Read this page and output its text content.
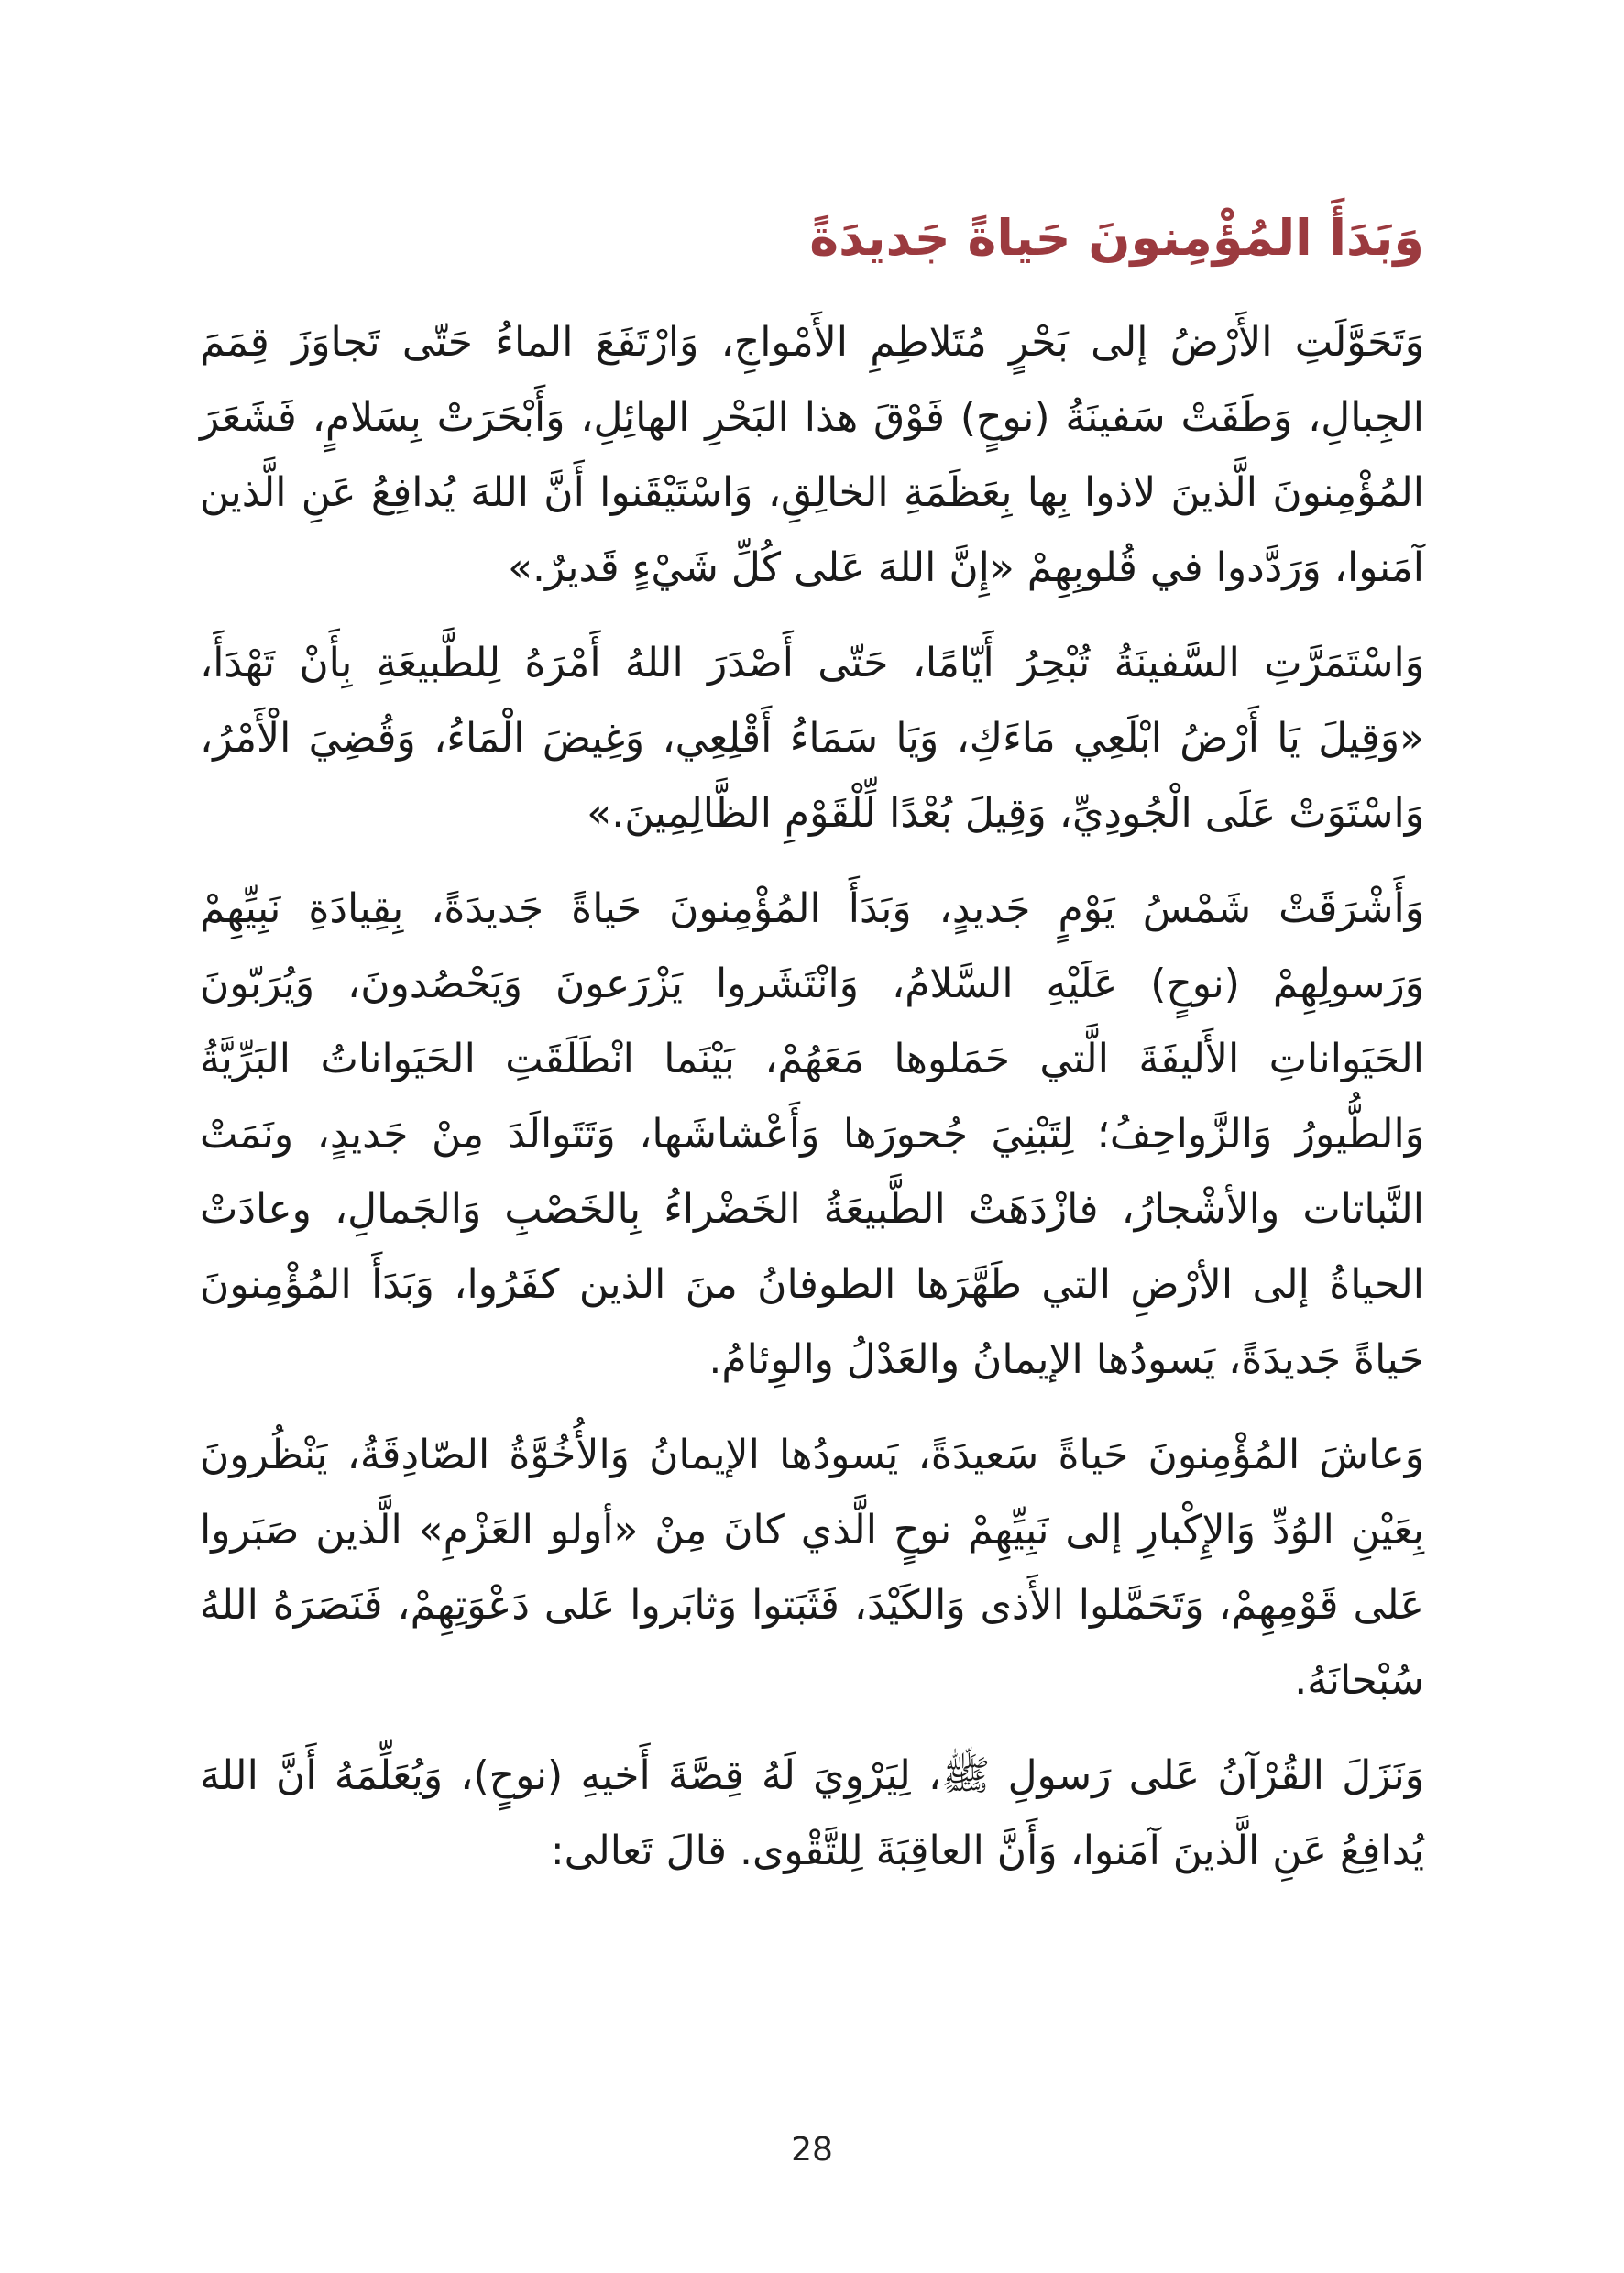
وَبَدَأَ المُؤْمِنونَ حَياةً جَديدَةً

وَتَحَوَّلَتِ الأَرْضُ إلى بَحْرٍ مُتَلاطِمِ الأَمْواجِ، وَارْتَفَعَ الماءُ حَتّى تَجاوَزَ قِمَمَ الجِبالِ، وَطَفَتْ سَفينَةُ (نوحٍ) فَوْقَ هذا البَحْرِ الهائِلِ، وَأَبْحَرَتْ بِسَلامٍ، فَشَعَرَ المُؤْمِنونَ الَّذينَ لاذوا بِها بِعَظَمَةِ الخالِقِ، وَاسْتَيْقَنوا أَنَّ اللهَ يُدافِعُ عَنِ الَّذين آمَنوا، وَرَدَّدوا في قُلوبِهِمْ «إِنَّ اللهَ عَلى كُلِّ شَيْءٍ قَديرٌ.»

وَاسْتَمَرَّتِ السَّفينَةُ تُبْحِرُ أَيّامًا، حَتّى أَصْدَرَ اللهُ أَمْرَهُ لِلطَّبيعَةِ بِأَنْ تَهْدَأَ، «وَقِيلَ يَا أَرْضُ ابْلَعِي مَاءَكِ، وَيَا سَمَاءُ أَقْلِعِي، وَغِيضَ الْمَاءُ، وَقُضِيَ الْأَمْرُ، وَاسْتَوَتْ عَلَى الْجُودِيِّ، وَقِيلَ بُعْدًا لِّلْقَوْمِ الظَّالِمِينَ.»

وَأَشْرَقَتْ شَمْسُ يَوْمٍ جَديدٍ، وَبَدَأَ المُؤْمِنونَ حَياةً جَديدَةً، بِقِيادَةِ نَبِيِّهِمْ وَرَسولِهِمْ (نوحٍ) عَلَيْهِ السَّلامُ، وَانْتَشَروا يَزْرَعونَ وَيَحْصُدونَ، وَيُرَبّونَ الحَيَواناتِ الأَليفَةَ الَّتي حَمَلوها مَعَهُمْ، بَيْنَما انْطَلَقَتِ الحَيَواناتُ البَرِّيَّةُ وَالطُّيورُ وَالزَّواحِفُ؛ لِتَبْنِيَ جُحورَها وَأَعْشاشَها، وَتَتَوالَدَ مِنْ جَديدٍ، ونَمَتْ النَّباتات والأشْجارُ، فازْدَهَتْ الطَّبيعَةُ الخَضْراءُ بِالخَصْبِ وَالجَمالِ، وعادَتْ الحياةُ إلى الأرْضِ التي طَهَّرَها الطوفانُ منَ الذين كفَرُوا، وَبَدَأَ المُؤْمِنونَ حَياةً جَديدَةً، يَسودُها الإيمانُ والعَدْلُ والوِئامُ.

وَعاشَ المُؤْمِنونَ حَياةً سَعيدَةً، يَسودُها الإيمانُ وَالأُخُوَّةُ الصّادِقَةُ، يَنْظُرونَ بِعَيْنِ الوُدِّ وَالإِكْبارِ إلى نَبِيِّهِمْ نوحٍ الَّذي كانَ مِنْ «أولو العَزْمِ» الَّذين صَبَروا عَلى قَوْمِهِمْ، وَتَحَمَّلوا الأَذى وَالكَيْدَ، فَثَبَتوا وَثابَروا عَلى دَعْوَتِهِمْ، فَنَصَرَهُ اللهُ سُبْحانَهُ.

وَنَزَلَ القُرْآنُ عَلى رَسولِ ﷺ، لِيَرْوِيَ لَهُ قِصَّةَ أَخيهِ (نوحٍ)، وَيُعَلِّمَهُ أَنَّ اللهَ يُدافِعُ عَنِ الَّذينَ آمَنوا، وَأَنَّ العاقِبَةَ لِلتَّقْوى. قالَ تَعالى:

28
